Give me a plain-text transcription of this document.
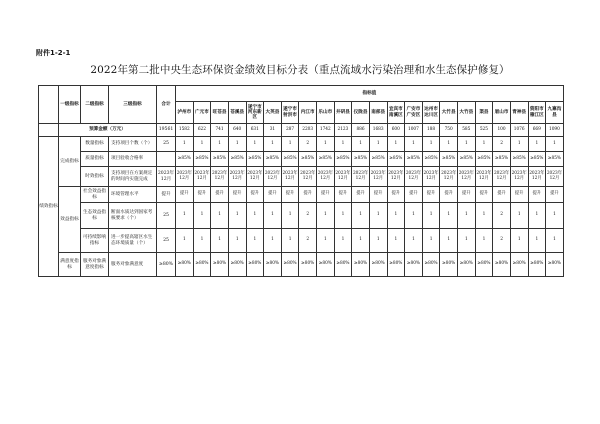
附件1-2-1
2022年第二批中央生态环保资金绩效目标分表（重点流域水污染治理和水生态保护修复）
	一级指标	二级指标	三级指标	合计	指标值																					
					泸州市	广元市	旺苍县	苍溪县	遂宁市河东新区	大英县	遂宁市射洪市	内江市	乐山市	井研县	仪陇县	南部县	宜宾市南溪区	广安市广安区	达州市达川区	大竹县	大竹县	渠县	眉山市	青神县	资阳市雁江区	九寨沟县
	预算金额（万元）			19561	1582	622	741	640	631	31	287	2203	1742	2123	886	1683	600	1007	188	750	585	525	100	1076	669	1090
绩效指标	完成指标	数量指标	支持项目个数（个）	25	1	1	1	1	1	1	1	2	1	1	1	1	1	1	1	1	1	1	2	1	1	1
		质量指标	项目验收合格率		≥85%	≥85%	≥85%	≥85%	≥85%	≥85%	≥85%	≥85%	≥85%	≥85%	≥85%	≥85%	≥85%	≥85%	≥85%	≥85%	≥85%	≥85%	≥85%	≥85%	≥85%	≥85%
		时效指标	支持项目在方案规定的时间内实施完成	2023年12月	2023年12月	2023年12月	2023年12月	2023年12月	2023年12月	2023年12月	2023年12月	2023年12月	2023年12月	2023年12月	2023年12月	2023年12月	2023年12月	2023年12月	2023年12月	2023年12月	2023年12月	2023年12月	2023年12月	2023年12月	2023年12月	2023年12月
	效益指标	社会效益指标	环境管理水平	提升	提升	提升	提升	提升	提升	提升	提升	提升	提升	提升	提升	提升	提升	提升	提升	提升	提升	提升	提升	提升	提升	提升
		生态效益指标	断面水质达到国家考核要求（个）	25	1	1	1	1	1	1	1	2	1	1	1	1	1	1	1	1	1	1	2	1	1	1
		可持续影响指标	进一步提高辖区水生态环境质量（个）	25	1	1	1	1	1	1	1	2	1	1	1	1	1	1	1	1	1	1	2	1	1	1
	满意度指标	服务对象满意度指标	服务对象满意度	≥80%	≥80%	≥80%	≥80%	≥80%	≥80%	≥80%	≥80%	≥80%	≥80%	≥80%	≥80%	≥80%	≥80%	≥80%	≥80%	≥80%	≥80%	≥80%	≥80%	≥80%	≥80%	≥80%
